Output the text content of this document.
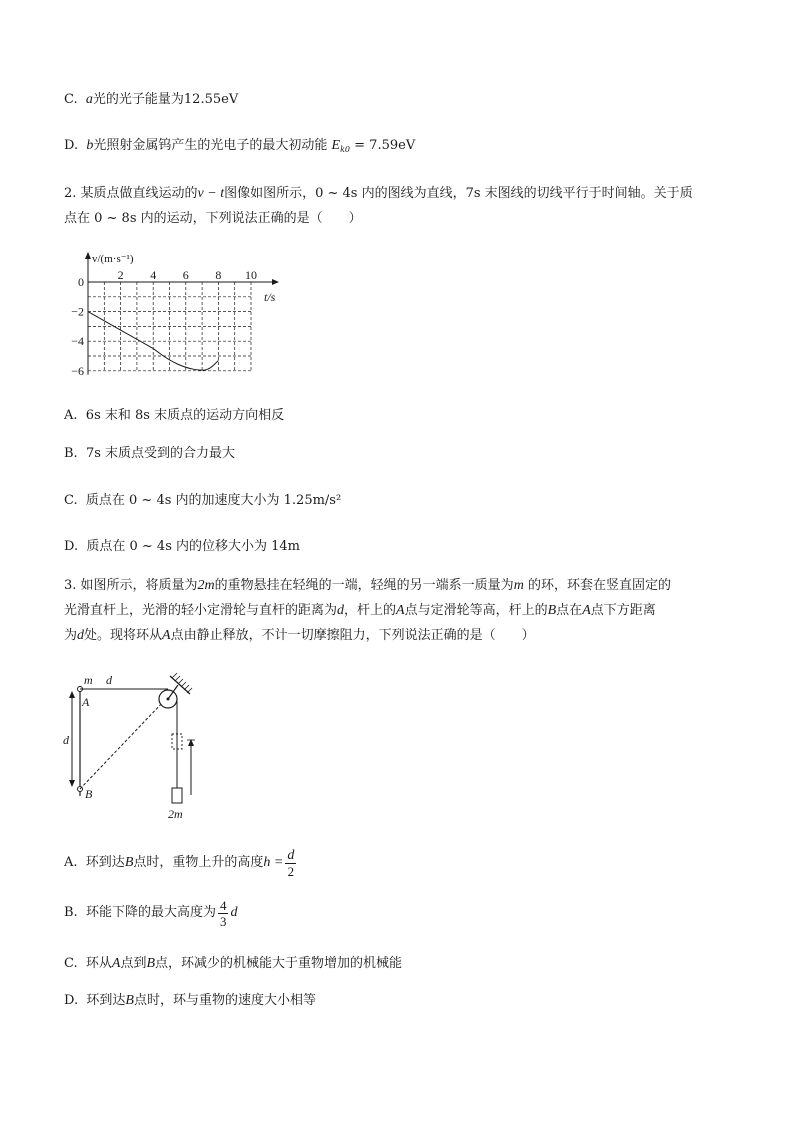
C. a光的光子能量为12.55eV
D. b光照射金属钨产生的光电子的最大初动能 $E_{k0} = 7.59eV$
2. 某质点做直线运动的v − t图像如图所示，0 ~ 4s 内的图线为直线，7s 末图线的切线平行于时间轴。关于质
点在 0 ~ 8s 内的运动，下列说法正确的是（　　）
2 4 6 8 10
0
−2
−4
−6
v/(m·s⁻¹)
t/s
A. 6s 末和 8s 末质点的运动方向相反
B. 7s 末质点受到的合力最大
C. 质点在 0 ~ 4s 内的加速度大小为 1.25m/s²
D. 质点在 0 ~ 4s 内的位移大小为 14m
3. 如图所示，将质量为2m的重物悬挂在轻绳的一端，轻绳的另一端系一质量为m 的环，环套在竖直固定的
光滑直杆上，光滑的轻小定滑轮与直杆的距离为d，杆上的A点与定滑轮等高，杆上的B点在A点下方距离
为d处。现将环从A点由静止释放，不计一切摩擦阻力，下列说法正确的是（　　）
m d
A
d
B
2m
A.
环到达 B 点时，重物上升的高度 $h = \frac{d}{2}$
B.
环能下降的最大高度为 $\frac{4}{3}$ d
C. 环从A点到B点，环减少的机械能大于重物增加的机械能
D. 环到达B点时，环与重物的速度大小相等
